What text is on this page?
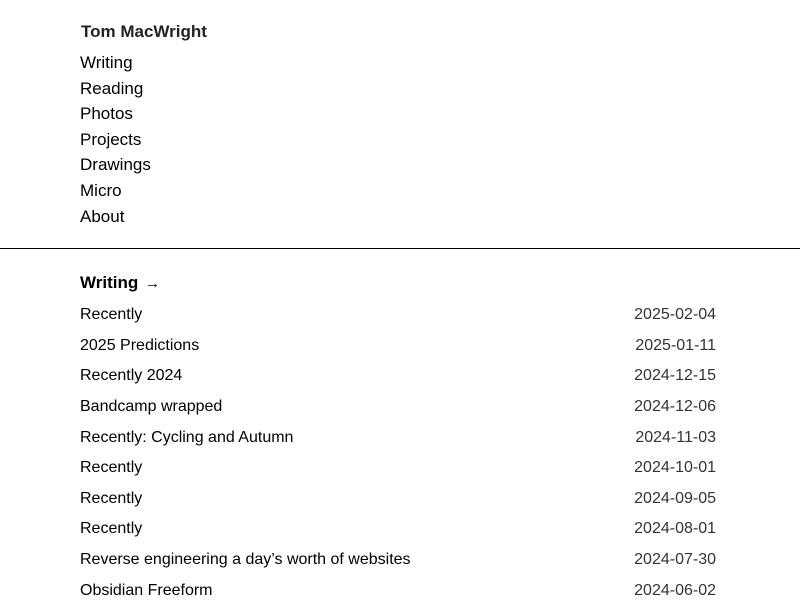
Tom MacWright
Writing
Reading
Photos
Projects
Drawings
Micro
About
Writing →
Recently	2025-02-04
2025 Predictions	2025-01-11
Recently 2024	2024-12-15
Bandcamp wrapped	2024-12-06
Recently: Cycling and Autumn	2024-11-03
Recently	2024-10-01
Recently	2024-09-05
Recently	2024-08-01
Reverse engineering a day’s worth of websites	2024-07-30
Obsidian Freeform	2024-06-02
